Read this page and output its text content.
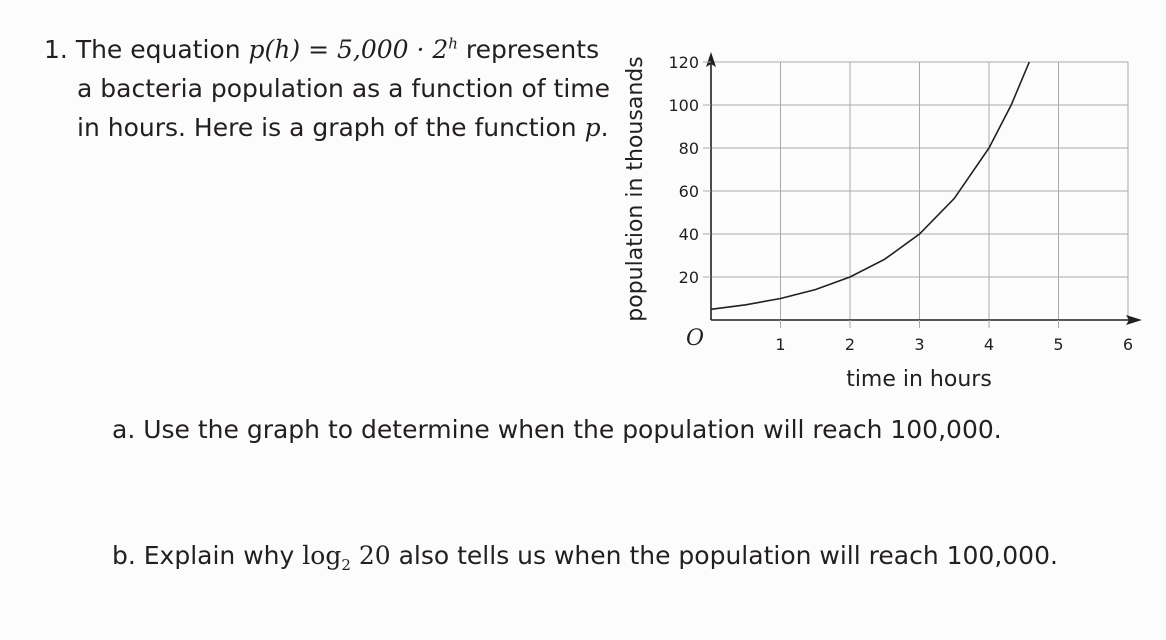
1. The equation $p(h) = 5,000 \cdot 2^h$ represents
a bacteria population as a function of time
in hours. Here is a graph of the function p.
1	2	3	4	5	6
20
40
60
80
100
120
O
time in hours
population in thousands
a. Use the graph to determine when the population will reach 100,000.
b. Explain why $\log_2 20$ also tells us when the population will reach 100,000.
